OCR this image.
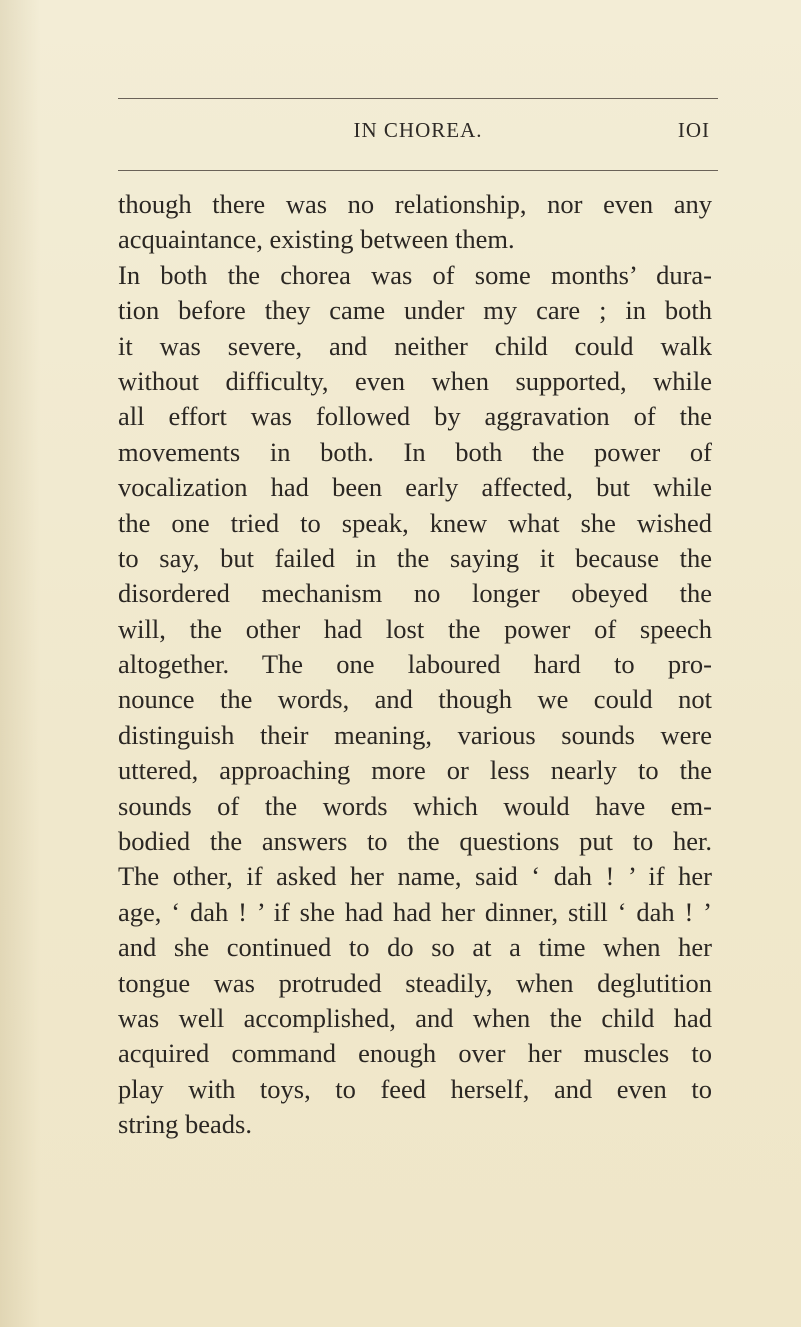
IN CHOREA.	IOI
though there was no relationship, nor even any
acquaintance, existing between them.
In both the chorea was of some months’ dura-
tion before they came under my care ; in both
it was severe, and neither child could walk
without difficulty, even when supported, while
all effort was followed by aggravation of the
movements in both. In both the power of
vocalization had been early affected, but while
the one tried to speak, knew what she wished
to say, but failed in the saying it because the
disordered mechanism no longer obeyed the
will, the other had lost the power of speech
altogether. The one laboured hard to pro-
nounce the words, and though we could not
distinguish their meaning, various sounds were
uttered, approaching more or less nearly to the
sounds of the words which would have em-
bodied the answers to the questions put to her.
The other, if asked her name, said ‘ dah ! ’ if her
age, ‘ dah ! ’ if she had had her dinner, still ‘ dah ! ’
and she continued to do so at a time when her
tongue was protruded steadily, when deglutition
was well accomplished, and when the child had
acquired command enough over her muscles to
play with toys, to feed herself, and even to
string beads.
